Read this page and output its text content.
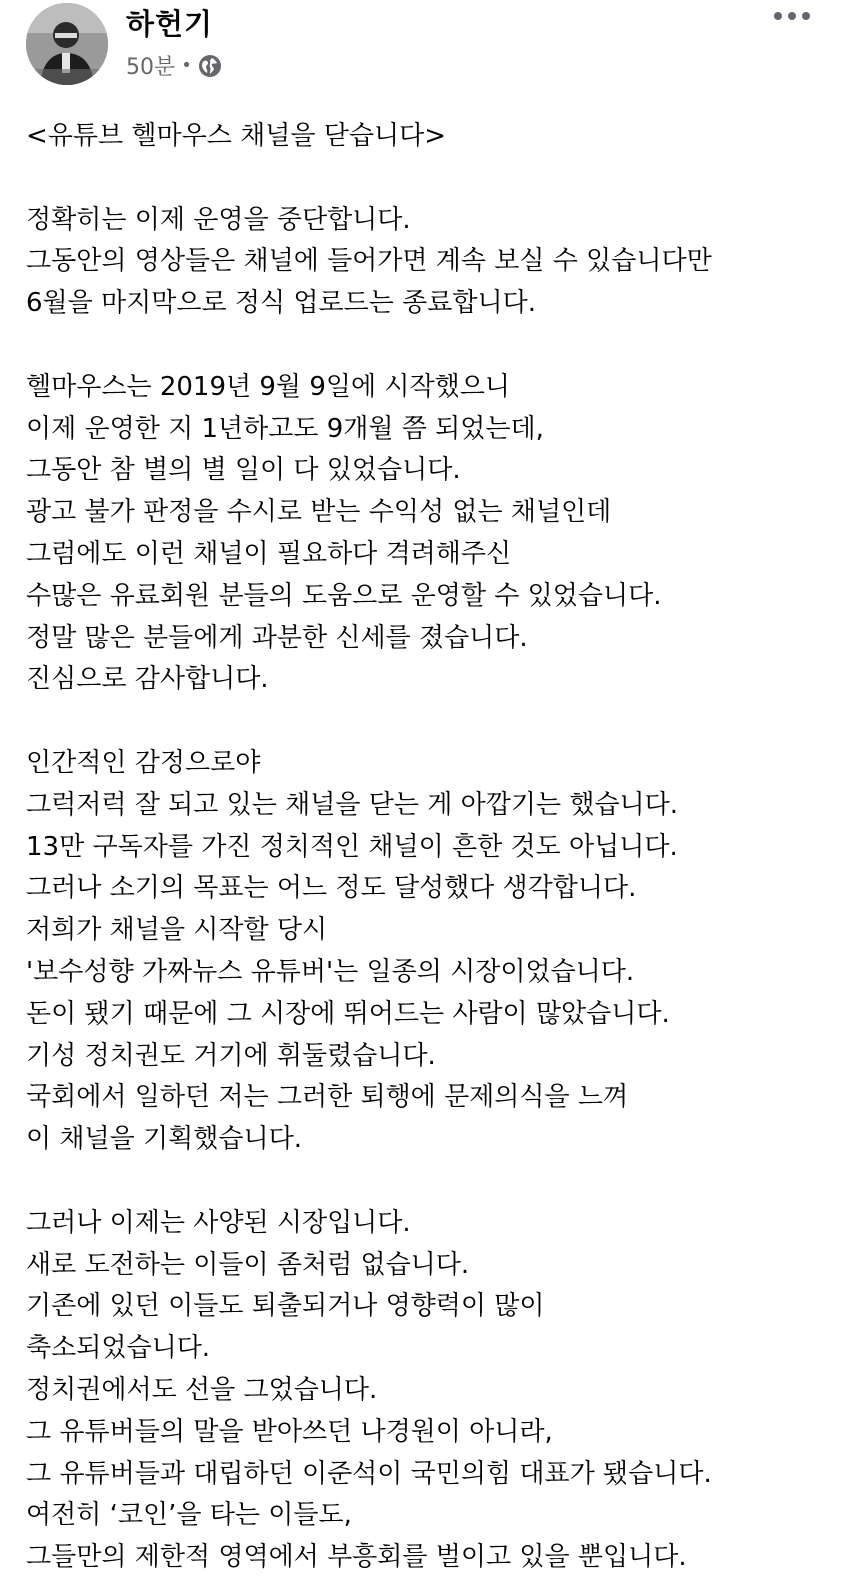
하헌기
50분 •
<유튜브 헬마우스 채널을 닫습니다>
정확히는 이제 운영을 중단합니다.
그동안의 영상들은 채널에 들어가면 계속 보실 수 있습니다만
6월을 마지막으로 정식 업로드는 종료합니다.
헬마우스는 2019년 9월 9일에 시작했으니
이제 운영한 지 1년하고도 9개월 쯤 되었는데,
그동안 참 별의 별 일이 다 있었습니다.
광고 불가 판정을 수시로 받는 수익성 없는 채널인데
그럼에도 이런 채널이 필요하다 격려해주신
수많은 유료회원 분들의 도움으로 운영할 수 있었습니다.
정말 많은 분들에게 과분한 신세를 졌습니다.
진심으로 감사합니다.
인간적인 감정으로야
그럭저럭 잘 되고 있는 채널을 닫는 게 아깝기는 했습니다.
13만 구독자를 가진 정치적인 채널이 흔한 것도 아닙니다.
그러나 소기의 목표는 어느 정도 달성했다 생각합니다.
저희가 채널을 시작할 당시
'보수성향 가짜뉴스 유튜버'는 일종의 시장이었습니다.
돈이 됐기 때문에 그 시장에 뛰어드는 사람이 많았습니다.
기성 정치권도 거기에 휘둘렸습니다.
국회에서 일하던 저는 그러한 퇴행에 문제의식을 느껴
이 채널을 기획했습니다.
그러나 이제는 사양된 시장입니다.
새로 도전하는 이들이 좀처럼 없습니다.
기존에 있던 이들도 퇴출되거나 영향력이 많이
축소되었습니다.
정치권에서도 선을 그었습니다.
그 유튜버들의 말을 받아쓰던 나경원이 아니라,
그 유튜버들과 대립하던 이준석이 국민의힘 대표가 됐습니다.
여전히 ‘코인’을 타는 이들도,
그들만의 제한적 영역에서 부흥회를 벌이고 있을 뿐입니다.
